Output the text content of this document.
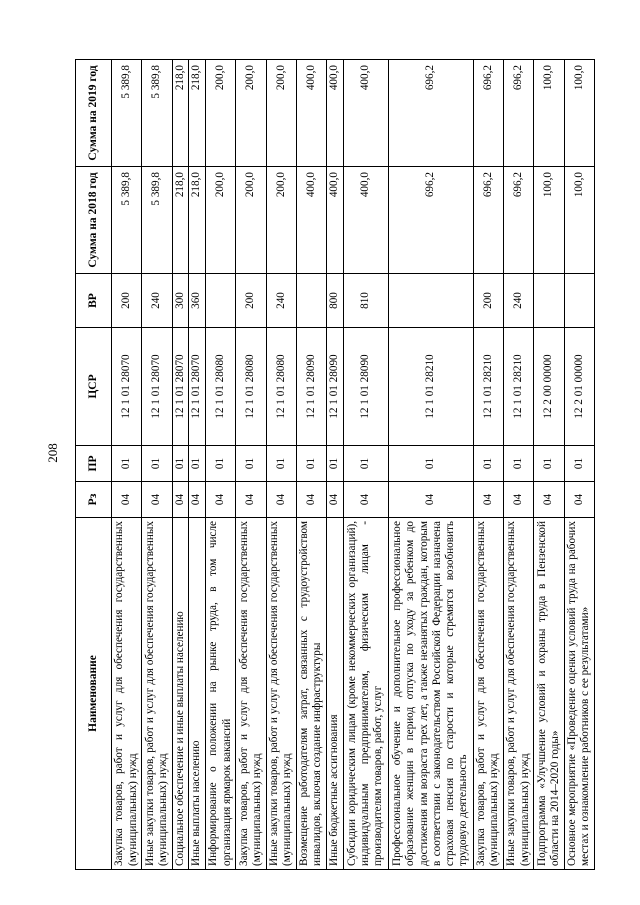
208
Наименование	Рз	ПР	ЦСР	ВР	Сумма на 2018 год	Сумма на 2019 год
Закупка товаров, работ и услуг для обеспечения государственных (муниципальных) нужд	04	01	12 1 01 28070	200	5 389,8	5 389,8
Иные закупки товаров, работ и услуг для обеспечения государственных (муниципальных) нужд	04	01	12 1 01 28070	240	5 389,8	5 389,8
Социальное обеспечение и иные выплаты населению	04	01	12 1 01 28070	300	218,0	218,0
Иные выплаты населению	04	01	12 1 01 28070	360	218,0	218,0
Информирование о положении на рынке труда, в том числе организация ярмарок вакансий	04	01	12 1 01 28080		200,0	200,0
Закупка товаров, работ и услуг для обеспечения государственных (муниципальных) нужд	04	01	12 1 01 28080	200	200,0	200,0
Иные закупки товаров, работ и услуг для обеспечения государственных (муниципальных) нужд	04	01	12 1 01 28080	240	200,0	200,0
Возмещение работодателям затрат, связанных с трудоустройством инвалидов, включая создание инфраструктуры	04	01	12 1 01 28090		400,0	400,0
Иные бюджетные ассигнования	04	01	12 1 01 28090	800	400,0	400,0
Субсидии юридическим лицам (кроме некоммерческих организаций), индивидуальным предпринимателям, физическим лицам - производителям товаров, работ, услуг	04	01	12 1 01 28090	810	400,0	400,0
Профессиональное обучение и дополнительное профессиональное образование женщин в период отпуска по уходу за ребенком до достижения им возраста трех лет, а также незанятых граждан, которым в соответствии с законодательством Российской Федерации назначена страховая пенсия по старости и которые стремятся возобновить трудовую деятельность	04	01	12 1 01 28210		696,2	696,2
Закупка товаров, работ и услуг для обеспечения государственных (муниципальных) нужд	04	01	12 1 01 28210	200	696,2	696,2
Иные закупки товаров, работ и услуг для обеспечения государственных (муниципальных) нужд	04	01	12 1 01 28210	240	696,2	696,2
Подпрограмма «Улучшение условий и охраны труда в Пензенской области на 2014–2020 годы»	04	01	12 2 00 00000		100,0	100,0
Основное мероприятие «Проведение оценки условий труда на рабочих местах и ознакомление работников с ее результатами»	04	01	12 2 01 00000		100,0	100,0
